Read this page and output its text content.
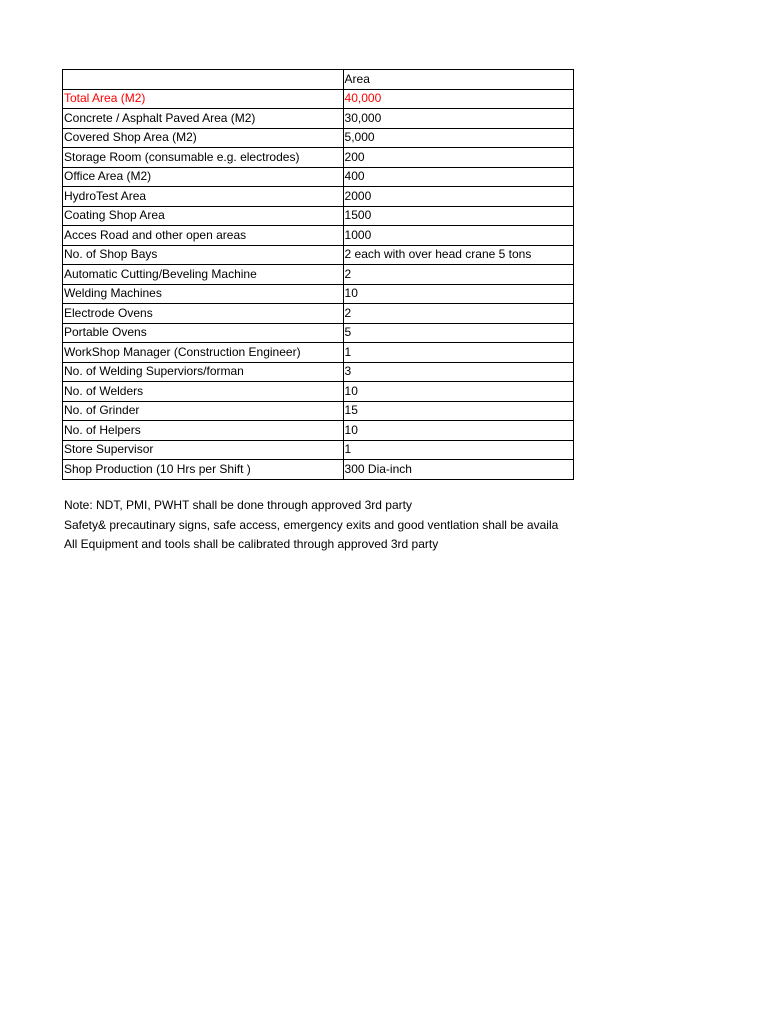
	Area
Total Area (M2)	40,000
Concrete / Asphalt Paved Area (M2)	30,000
Covered Shop Area (M2)	5,000
Storage Room (consumable e.g. electrodes)	200
Office Area (M2)	400
HydroTest Area	2000
Coating Shop Area	1500
Acces Road and other open areas	1000
No. of Shop Bays	2 each with over head crane 5 tons
Automatic Cutting/Beveling Machine	2
Welding Machines	10
Electrode Ovens	2
Portable Ovens	5
WorkShop Manager (Construction Engineer)	1
No. of Welding Superviors/forman	3
No. of Welders	10
No. of Grinder	15
No. of Helpers	10
Store Supervisor	1
Shop Production (10 Hrs per Shift )	300 Dia-inch
Note: NDT, PMI, PWHT shall be done through approved 3rd party
Safety& precautinary signs, safe access, emergency exits and good ventlation shall be availa
All Equipment and tools shall be calibrated through approved 3rd party
